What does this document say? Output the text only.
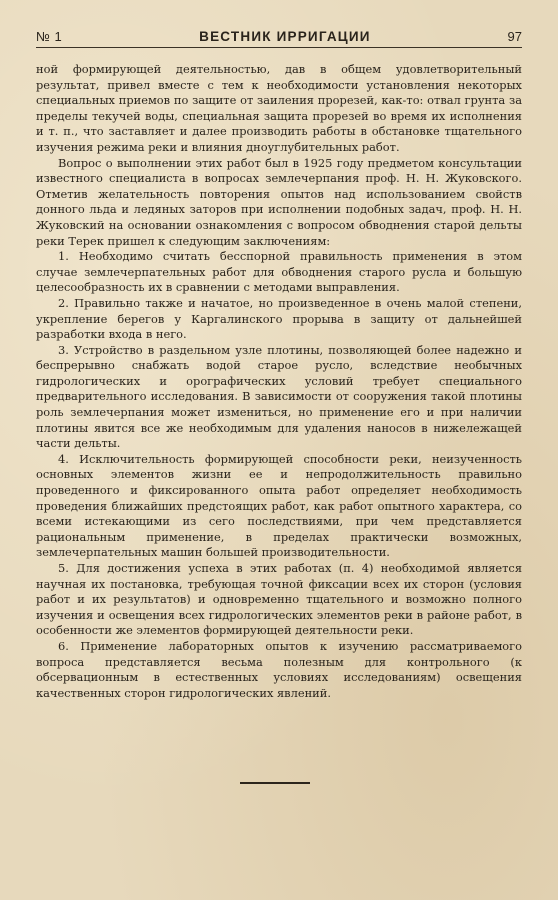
№ 1	ВЕСТНИК ИРРИГАЦИИ	97

ной формирующей деятельностью, дав в общем удовлетворительный результат, привел вместе с тем к необходимости установления некоторых специальных приемов по защите от заиления прорезей, как-то: отвал грунта за пределы текучей воды, специальная защита прорезей во время их исполнения и т. п., что заставляет и далее производить работы в обстановке тщательного изучения режима реки и влияния дноуглубительных работ.

Вопрос о выполнении этих работ был в 1925 году предметом консультации известного специалиста в вопросах землечерпания проф. Н. Н. Жуковского. Отметив желательность повторения опытов над использованием свойств донного льда и ледяных заторов при исполнении подобных задач, проф. Н. Н. Жуковский на основании ознакомления с вопросом обводнения старой дельты реки Терек пришел к следующим заключениям:

1. Необходимо считать бесспорной правильность применения в этом случае землечерпательных работ для обводнения старого русла и большую целесообразность их в сравнении с методами выправления.

2. Правильно также и начатое, но произведенное в очень малой степени, укрепление берегов у Каргалинского прорыва в защиту от дальнейшей разработки входа в него.

3. Устройство в раздельном узле плотины, позволяющей более надежно и беспрерывно снабжать водой старое русло, вследствие необычных гидрологических и орографических условий требует специального предварительного исследования. В зависимости от сооружения такой плотины роль землечерпания может измениться, но применение его и при наличии плотины явится все же необходимым для удаления наносов в нижележащей части дельты.

4. Исключительность формирующей способности реки, неизученность основных элементов жизни ее и непродолжительность правильно проведенного и фиксированного опыта работ определяет необходимость проведения ближайших предстоящих работ, как работ опытного характера, со всеми истекающими из сего последствиями, при чем представляется рациональным применение, в пределах практически возможных, землечерпательных машин большей производительности.

5. Для достижения успеха в этих работах (п. 4) необходимой является научная их постановка, требующая точной фиксации всех их сторон (условия работ и их результатов) и одновременно тщательного и возможно полного изучения и освещения всех гидрологических элементов реки в районе работ, в особенности же элементов формирующей деятельности реки.

6. Применение лабораторных опытов к изучению рассматриваемого вопроса представляется весьма полезным для контрольного (к обсервационным в естественных условиях исследованиям) освещения качественных сторон гидрологических явлений.
